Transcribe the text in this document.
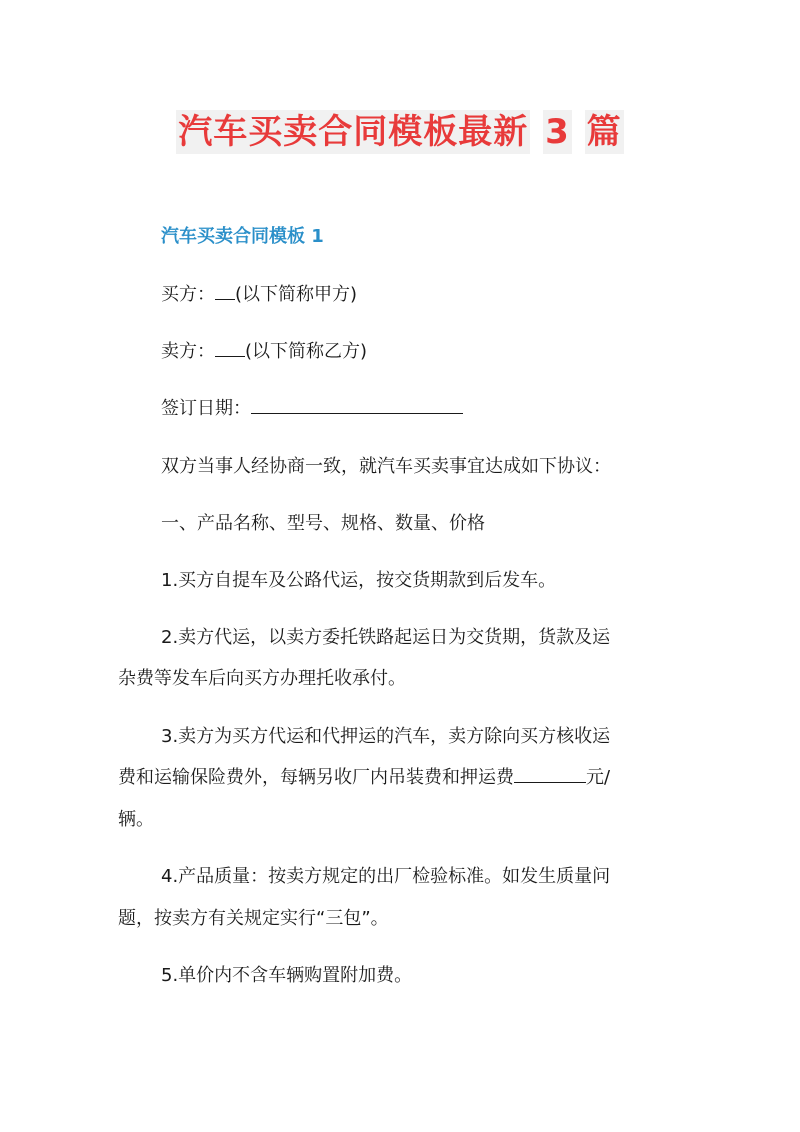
汽车买卖合同模板最新 3 篇
汽车买卖合同模板 1
买方： (以下简称甲方)
卖方： (以下简称乙方)
签订日期：
双方当事人经协商一致，就汽车买卖事宜达成如下协议：
一、产品名称、型号、规格、数量、价格
1.买方自提车及公路代运，按交货期款到后发车。
2.卖方代运，以卖方委托铁路起运日为交货期，货款及运
杂费等发车后向买方办理托收承付。
3.卖方为买方代运和代押运的汽车，卖方除向买方核收运
费和运输保险费外，每辆另收厂内吊装费和押运费	元/
辆。
4.产品质量：按卖方规定的出厂检验标准。如发生质量问
题，按卖方有关规定实行“三包”。
5.单价内不含车辆购置附加费。
